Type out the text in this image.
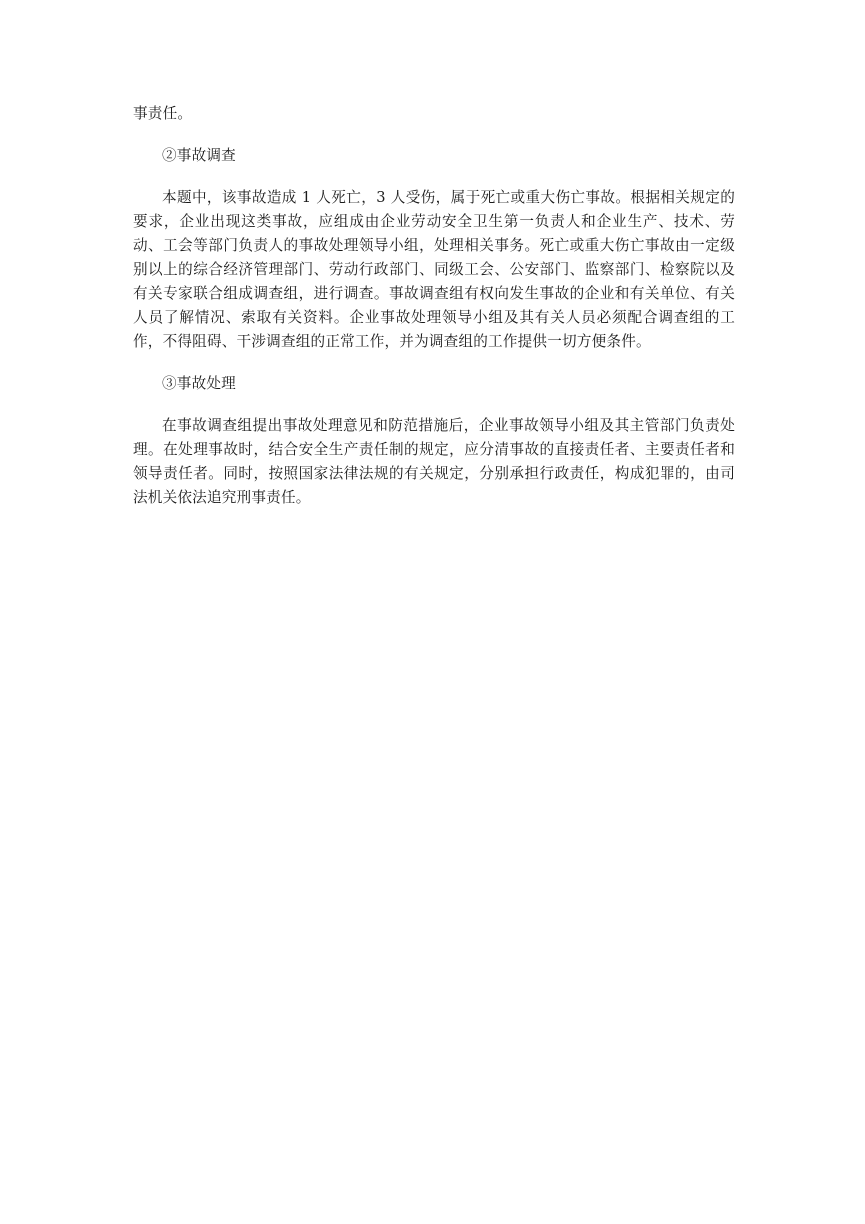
事责任。

②事故调查

本题中，该事故造成 1 人死亡，3 人受伤，属于死亡或重大伤亡事故。根据相关规定的要求，企业出现这类事故，应组成由企业劳动安全卫生第一负责人和企业生产、技术、劳动、工会等部门负责人的事故处理领导小组，处理相关事务。死亡或重大伤亡事故由一定级别以上的综合经济管理部门、劳动行政部门、同级工会、公安部门、监察部门、检察院以及有关专家联合组成调查组，进行调查。事故调查组有权向发生事故的企业和有关单位、有关人员了解情况、索取有关资料。企业事故处理领导小组及其有关人员必须配合调查组的工作，不得阻碍、干涉调查组的正常工作，并为调查组的工作提供一切方便条件。

③事故处理

在事故调查组提出事故处理意见和防范措施后，企业事故领导小组及其主管部门负责处理。在处理事故时，结合安全生产责任制的规定，应分清事故的直接责任者、主要责任者和领导责任者。同时，按照国家法律法规的有关规定，分别承担行政责任，构成犯罪的，由司法机关依法追究刑事责任。
